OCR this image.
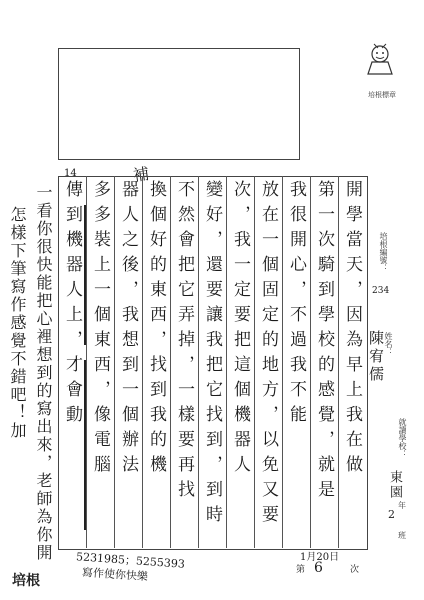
培根標章
14	補
開學當天，因為早上我在做
第一次騎到學校的感覺，就是
我很開心，不過我不能
放在一個固定的地方，以免又要
次，我一定要把這個機器人
變好，還要讓我把它找到，到時
不然會把它弄掉，一樣要再找
換個好的東西，找到我的機
器人之後，我想到一個辦法
多多裝上一個東西，像電腦
傳到機器人上，才會動
一看你很快能把心裡想到的寫出來，老師為你開
怎樣下筆寫作感覺不錯吧！加
培根編號：
234
姓名：
陳宥儒
就讀學校：
東園
2
年
班
5231985；5255393
寫作使你快樂
培根
第 6	次
1月20日
